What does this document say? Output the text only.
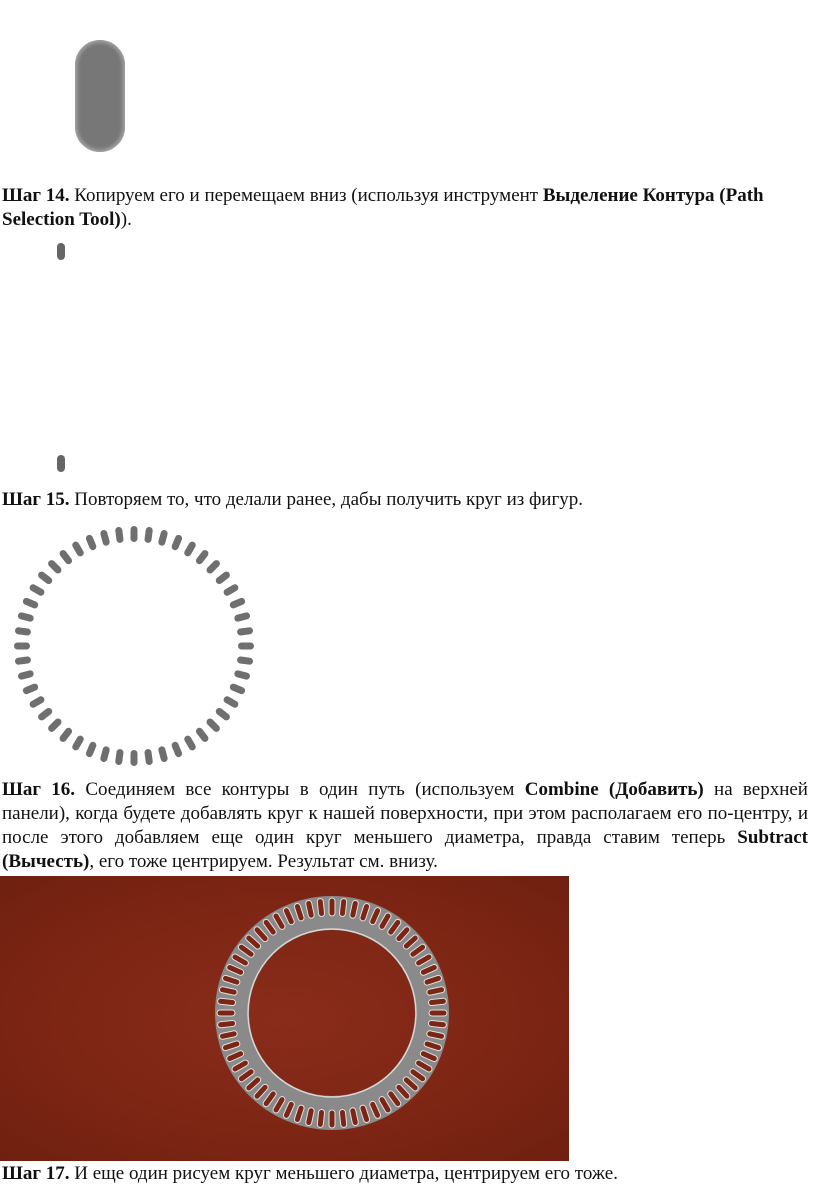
Шаг 14. Копируем его и перемещаем вниз (используя инструмент Выделение Контура (Path Selection Tool)).

Шаг 15. Повторяем то, что делали ранее, дабы получить круг из фигур.

Шаг 16. Соединяем все контуры в один путь (используем Combine (Добавить) на верхней панели), когда будете добавлять круг к нашей поверхности, при этом располагаем его по-центру, и после этого добавляем еще один круг меньшего диаметра, правда ставим теперь Subtract (Вычесть), его тоже центрируем. Результат см. внизу.

Шаг 17. И еще один рисуем круг меньшего диаметра, центрируем его тоже.
